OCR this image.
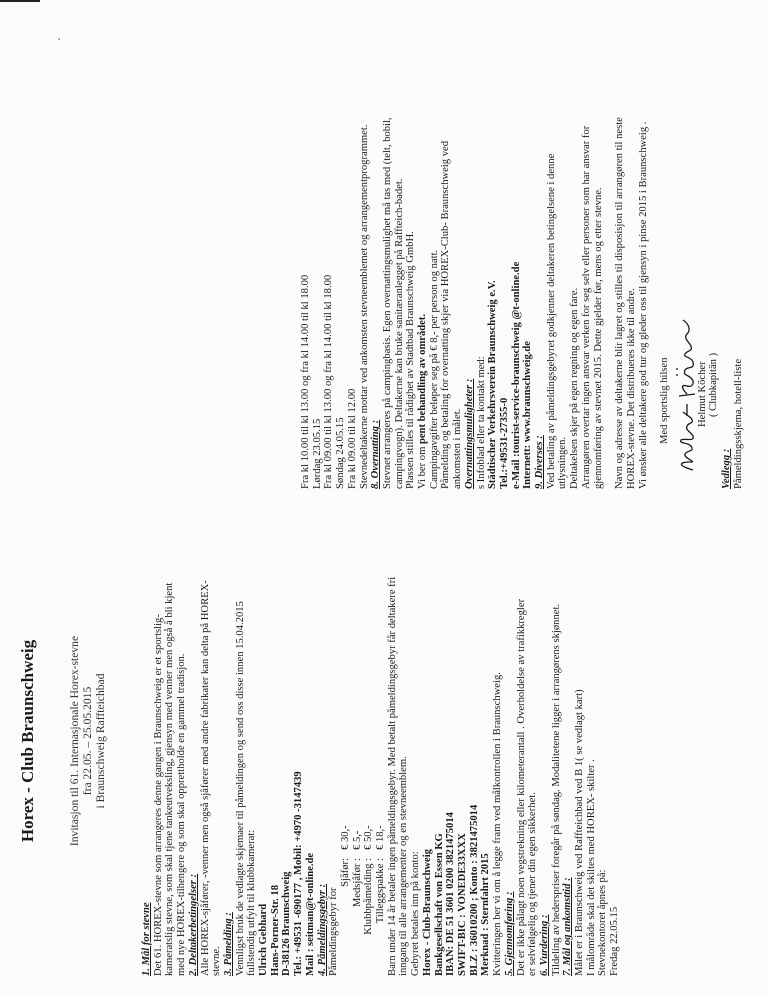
Horex - Club Braunschweig	Invitasjon til 61. Internasjonale Horex-stevne fra 22.05. – 25.05.2015 i Braunschweig Raffteichbad
1. Mål for stevne Det 61. HOREX-stevne som arrangeres denne gangen i Braunschweig er et sportslig- kameratslig stevne, som skal tjene tankeutveksling, gjensyn med venner men også å bli kjent med nye HOREX-tilhengere og som skal opprettholde en gammel tradisjon. 2. Deltakerbetingelser : Alle HOREX-sjåfører, -venner men også sjåfører med andre fabrikater kan delta på HOREX- stevne. 3. Påmelding : Vennligst bruk de vedlagte skjemaer til påmeldingen og send oss disse innen 15.04.2015 fullstendig utfylt til klubbkamerat: Ulrich Gebhard Hans-Porner-Str. 18 D-38126 Braunschweig Tel.: +49531 -690177 , Mobil: +4970 -3147439 Mail : seitman@t-online.de 4. Påmeldingsgebyr : Påmeldingsgebyr for
Sjåfør:
€ 30,-
Medsjåfør :
€ 5,-
Klubbpåmelding :
€ 50,-
Tilleggspakke :
€ 18,- Barn under 14 år betaler ingen påmeldingsgebyr. Med betalt påmeldingsgebyr får deltakere fri inngang til alle arrangementer og en stevneemblem. Gebyret betales inn på konto: Horex - Club-Braunschweig Bankgesellschaft von Essen KG IBAN: DE 51 3601 0200 3821475014 SWIFT-BIC : VONEDE33XXX BLZ : 36010200 ; Konto : 3821475014 Merknad : Sternfahrt 2015 Kvitteringen ber vi om å legge fram ved målkontrollen i Braunschweig. 5. Gjennomføring : Det er ikke pålagt noen vegstrekning eller kilometerantall . Overholdelse av trafikkregler er selvfølgelig og tjener din egen sikkerhet. 6. Vurdering : Tildeling av hederspriser foregår på søndag. Modalitetene ligger i arrangørens skjønnet. 7. Mål og ankomsttid : Målet er i Braunschweig ved Raffteichbad ved B 1( se vedlagt kart) I målområde skal det skiltes med HOREX- skilter . Stevnekontoret åpnes på: Fredag 22.05.15
Fra kl 10.00 til kl 13.00 og fra kl 14.00 til kl 18.00 Lørdag 23.05.15 Fra kl 09.00 til kl 13.00 og fra kl 14.00 til kl 18.00 Søndag 24.05.15 Fra kl 09.00 til kl 12.00 Stevnedeltakerne mottar ved ankomsten stevneemblemet og arrangementprogrammet. 8. Overnatting : Stevnet arrangeres på campingbasis. Egen overnattingsmulighet må tas med (telt, bobil, campingvogn). Deltakerne kan bruke sanitæranlegget på Raffteich-badet. Plassen stilles til rådighet av Stadtbad Braunschweig GmbH. Vi ber om pent behandling av området. Campingavgifter beløper seg på € 8,- per person og natt. Påmelding og betaling for overnatting skjer via HOREX-Club- Braunschweig ved ankomsten i målet. Overnattingsmuligheter : s Infoblad eller ta kontakt med: Städtischer Verkehrsverein Braunschweig e.V. Tel.:+49531-27355-0 e-Mail :tourist-service-braunschweig @t-online.de Internett: www.braunschweig.de 9. Diverses : Ved betaling av påmeldingsgebyret godkjenner deltakeren betingelsene i denne utlysningen. Deltakelsen skjer på egen regning og egen fare. Arrangøren overtar ingen ansvar verken for seg selv eller personer som har ansvar for gjennomføring av stevnet 2015. Dette gjelder før, mens og etter stevne. Navn og adresse av deltakerne blir lagret og stilles til disposisjon til arrangøren til neste HOREX-stevne. Det distribueres ikke til andre. Vi ønsker alle deltakere god tur og gleder oss til gjensyn i pinse 2015 i Braunschweig . Med sportslig hilsen	Helmut Köcher ( Clubkapitän )
Vedlegg : Påmeldingsskjema, hotell-liste
